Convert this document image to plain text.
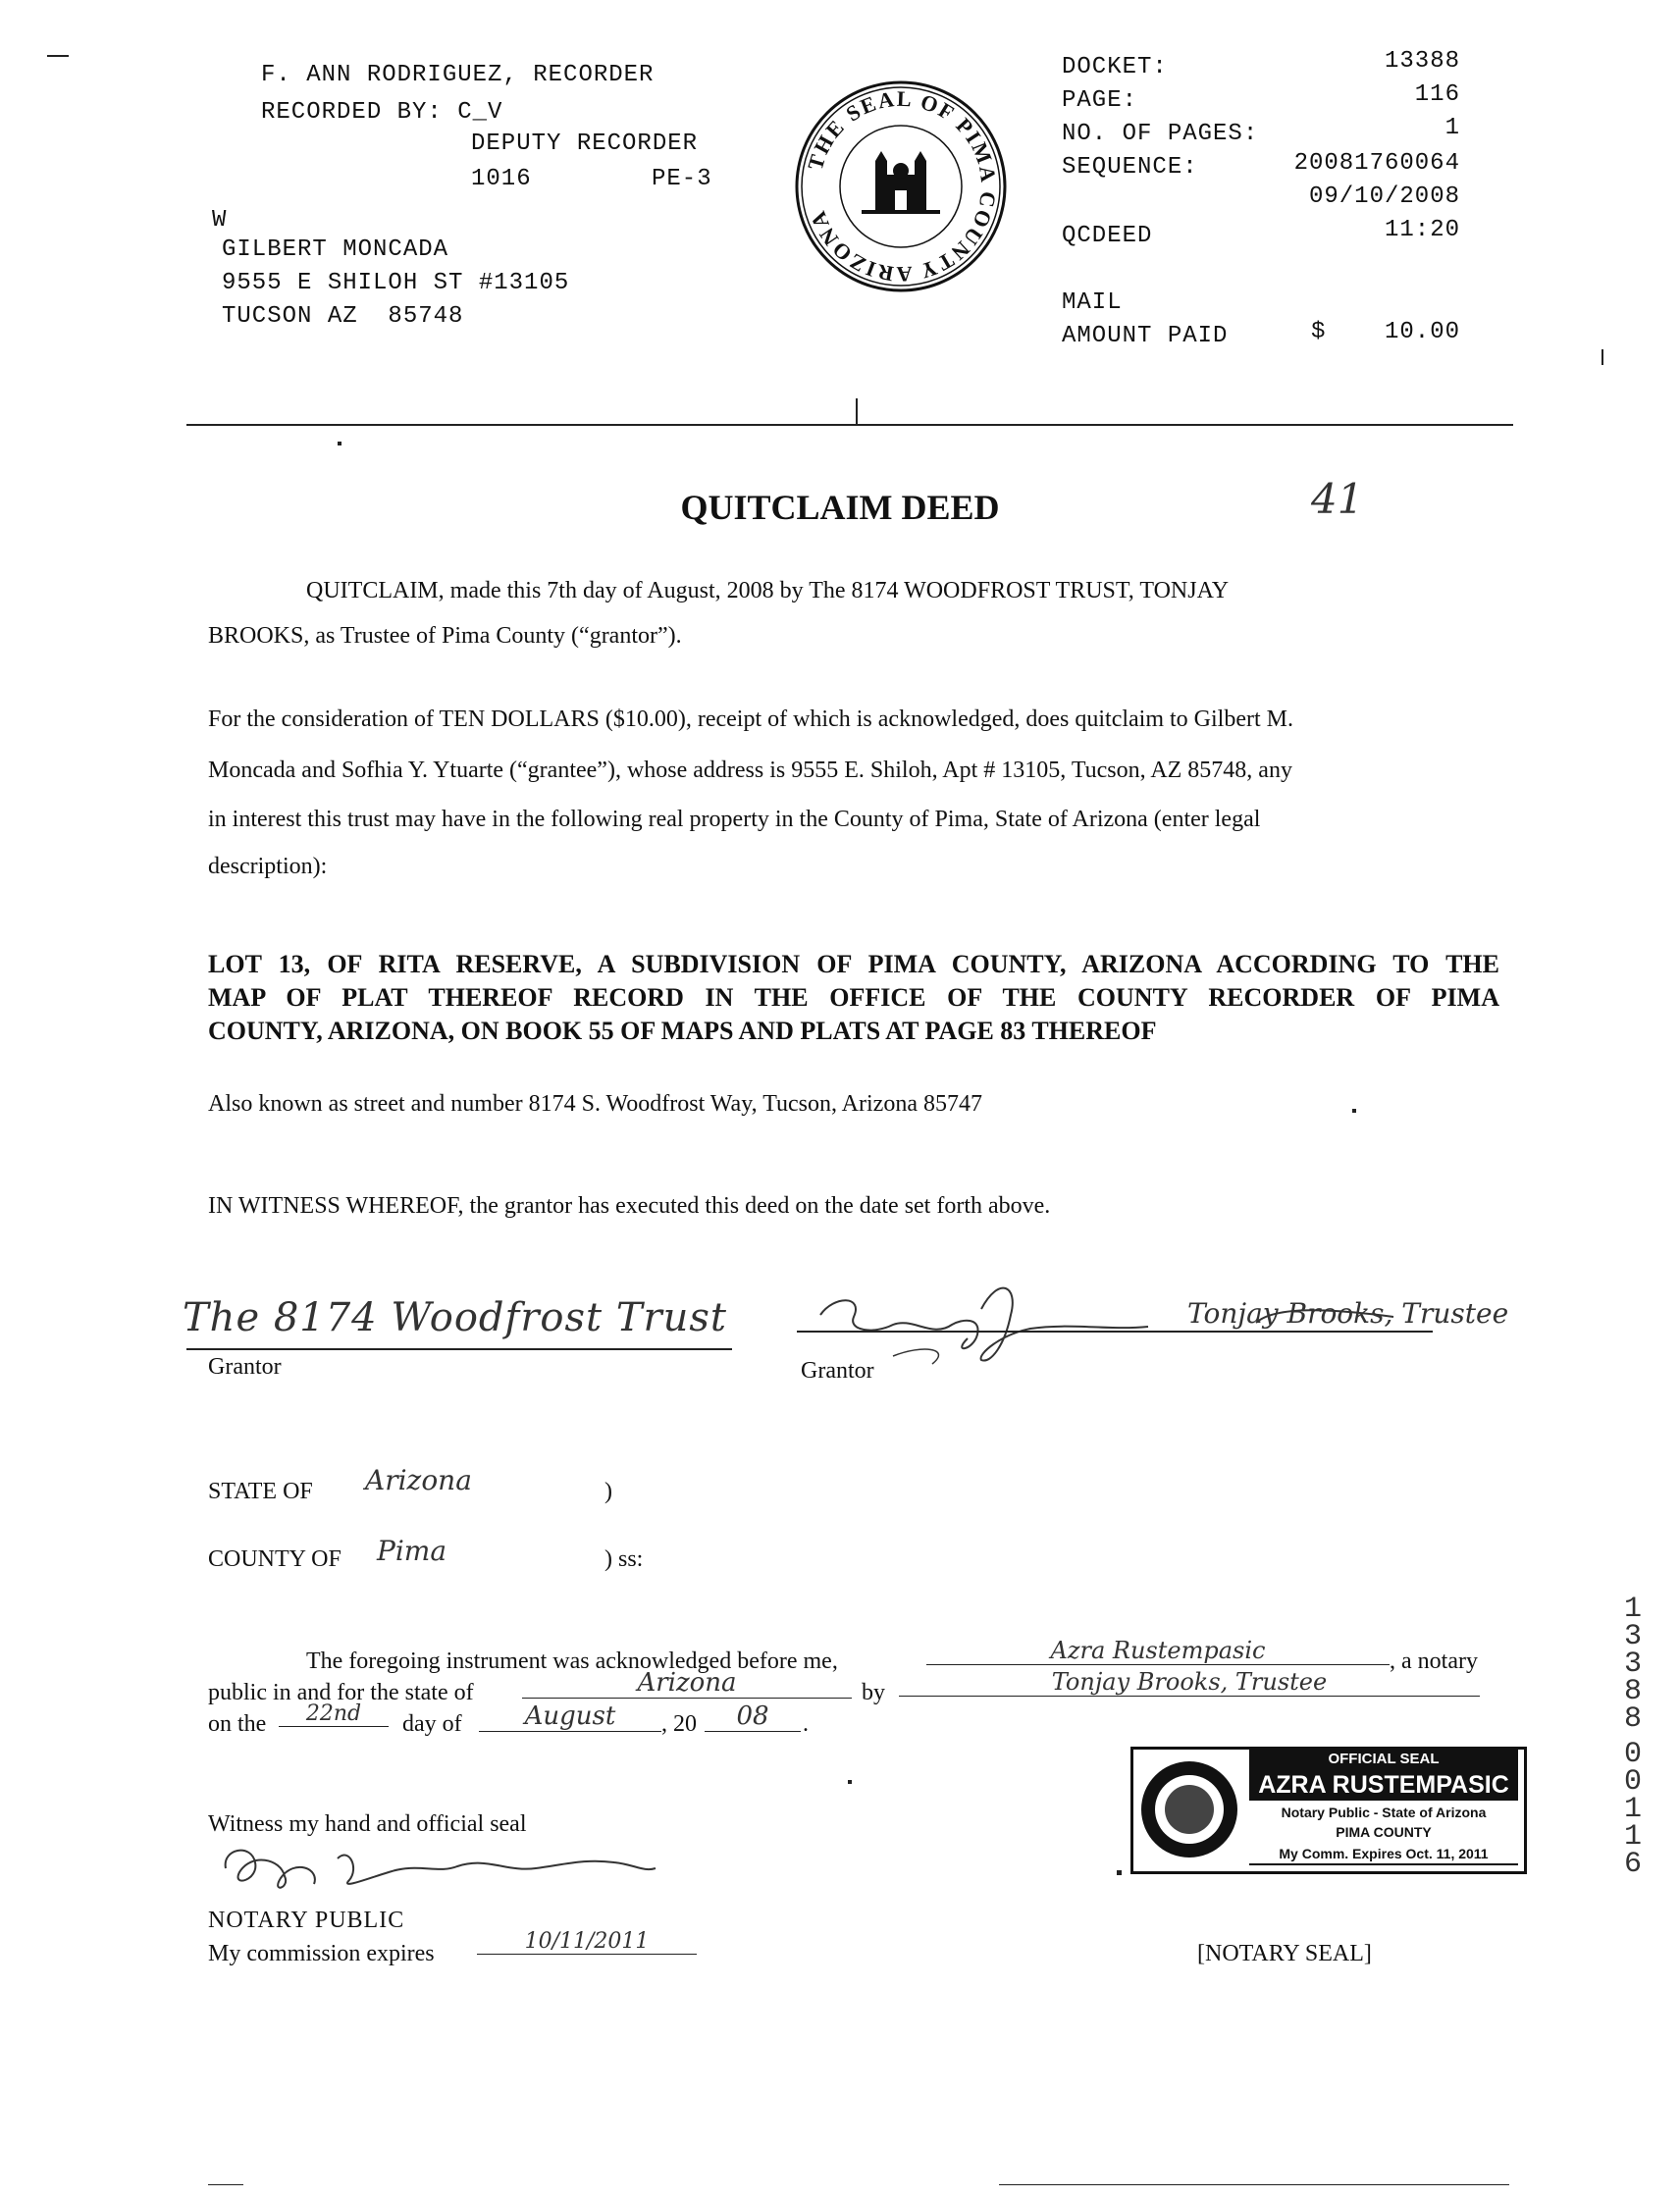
F. ANN RODRIGUEZ, RECORDER
RECORDED BY: C_V
DEPUTY RECORDER
1016	PE-3
W
GILBERT MONCADA
9555 E SHILOH ST #13105
TUCSON AZ  85748
THE SEAL OF PIMA COUNTY ARIZONA
DOCKET:	13388
PAGE:	116
NO. OF PAGES:	1
SEQUENCE:	20081760064
09/10/2008
QCDEED	11:20
MAIL
AMOUNT PAID	$	10.00
41
QUITCLAIM DEED
QUITCLAIM, made this 7th day of August, 2008 by The 8174 WOODFROST TRUST, TONJAY
BROOKS, as Trustee of Pima County (“grantor”).
For the consideration of TEN DOLLARS ($10.00), receipt of which is acknowledged, does quitclaim to Gilbert M.
Moncada and Sofhia Y. Ytuarte (“grantee”), whose address is 9555 E. Shiloh, Apt # 13105, Tucson, AZ 85748, any
in interest this trust may have in the following real property in the County of Pima, State of Arizona (enter legal
description):
LOT 13, OF RITA RESERVE, A SUBDIVISION OF PIMA COUNTY, ARIZONA ACCORDING TO THE
MAP OF PLAT THEREOF RECORD IN THE OFFICE OF THE COUNTY RECORDER OF PIMA
COUNTY, ARIZONA, ON BOOK 55 OF MAPS AND PLATS AT PAGE 83 THEREOF
Also known as street and number 8174 S. Woodfrost Way, Tucson, Arizona 85747
IN WITNESS WHEREOF, the grantor has executed this deed on the date set forth above.
The 8174 Woodfrost Trust
Grantor
Tonjay Brooks, Trustee
Grantor
STATE OF Arizona	)
COUNTY OF Pima	) ss:
The foregoing instrument was acknowledged before me,	Azra Rustempasic	, a notary
public in and for the state of	Arizona	by	Tonjay Brooks, Trustee
on the	22nd	day of	August	, 20	08	.
Witness my hand and official seal
NOTARY PUBLIC
My commission expires	10/11/2011
OFFICIAL SEAL
AZRA RUSTEMPASIC
Notary Public - State of Arizona
PIMA COUNTY
My Comm. Expires Oct. 11, 2011
[NOTARY SEAL]
13388
00116
